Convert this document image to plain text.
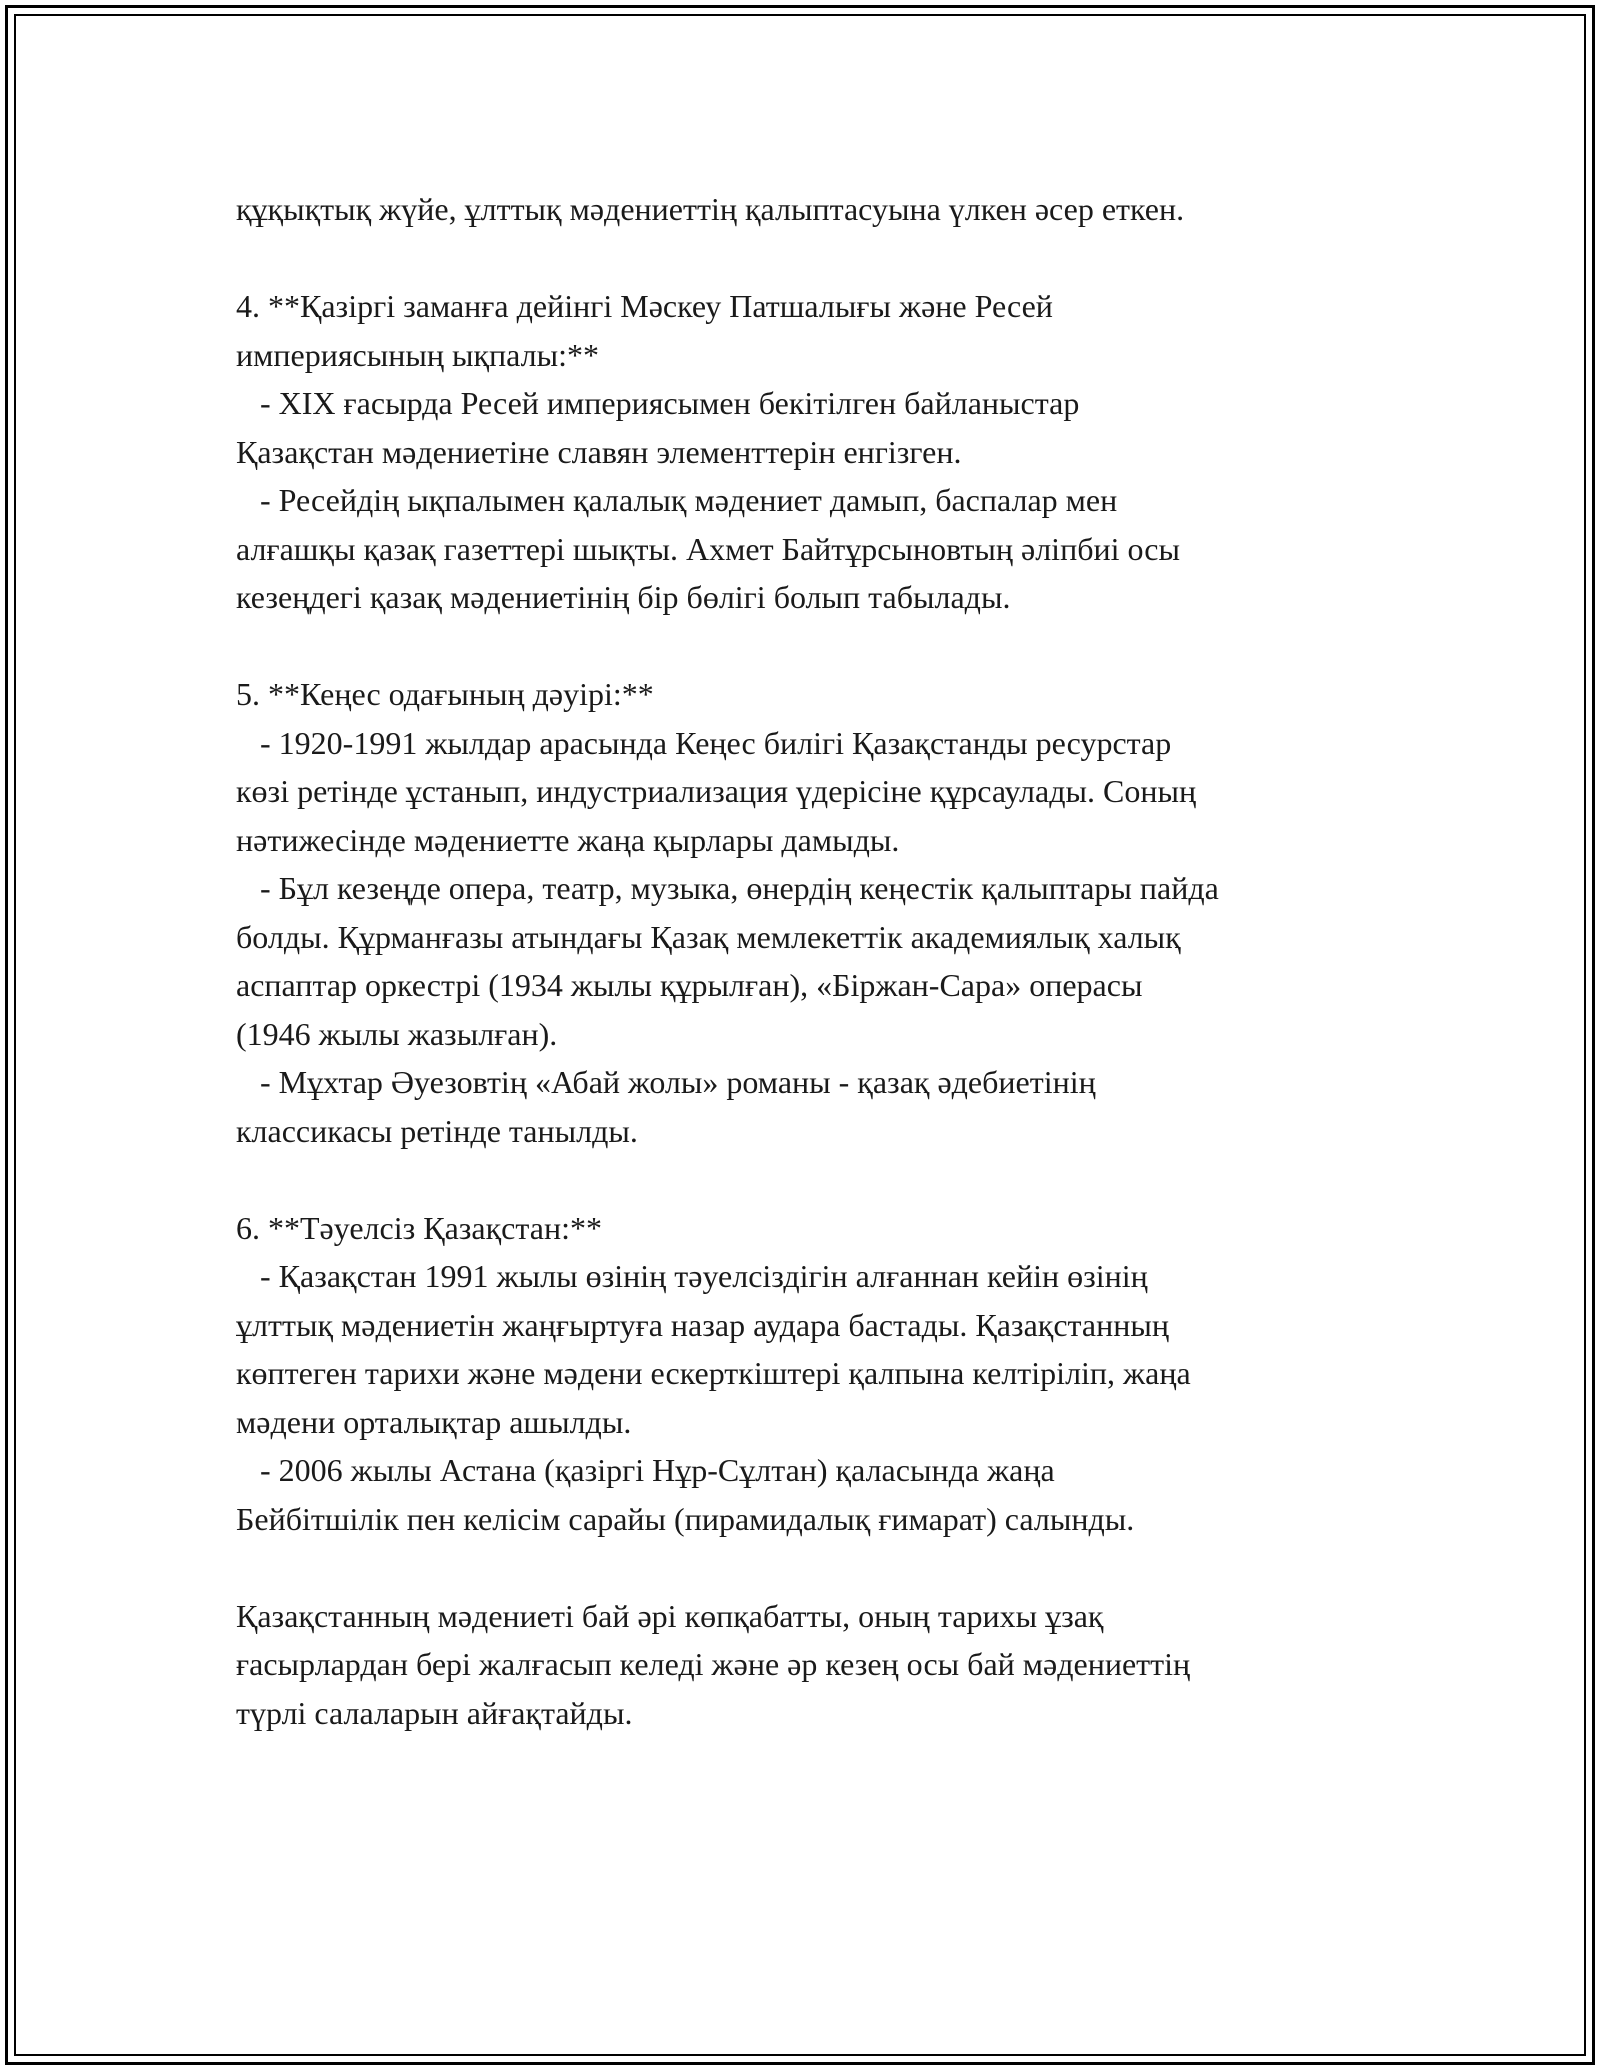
құқықтық жүйе, ұлттық мәдениеттің қалыптасуына үлкен әсер еткен.
4. **Қазіргі заманға дейінгі Мәскеу Патшалығы және Ресей
империясының ықпалы:**
- XIX ғасырда Ресей империясымен бекітілген байланыстар
Қазақстан мәдениетіне славян элементтерін енгізген.
- Ресейдің ықпалымен қалалық мәдениет дамып, баспалар мен
алғашқы қазақ газеттері шықты. Ахмет Байтұрсыновтың әліпбиі осы
кезеңдегі қазақ мәдениетінің бір бөлігі болып табылады.
5. **Кеңес одағының дәуірі:**
- 1920-1991 жылдар арасында Кеңес билігі Қазақстанды ресурстар
көзі ретінде ұстанып, индустриализация үдерісіне құрсаулады. Соның
нәтижесінде мәдениетте жаңа қырлары дамыды.
- Бұл кезеңде опера, театр, музыка, өнердің кеңестік қалыптары пайда
болды. Құрманғазы атындағы Қазақ мемлекеттік академиялық халық
аспаптар оркестрі (1934 жылы құрылған), «Біржан-Сара» операсы
(1946 жылы жазылған).
- Мұхтар Әуезовтің «Абай жолы» романы - қазақ әдебиетінің
классикасы ретінде танылды.
6. **Тәуелсіз Қазақстан:**
- Қазақстан 1991 жылы өзінің тәуелсіздігін алғаннан кейін өзінің
ұлттық мәдениетін жаңғыртуға назар аудара бастады. Қазақстанның
көптеген тарихи және мәдени ескерткіштері қалпына келтіріліп, жаңа
мәдени орталықтар ашылды.
- 2006 жылы Астана (қазіргі Нұр-Сұлтан) қаласында жаңа
Бейбітшілік пен келісім сарайы (пирамидалық ғимарат) салынды.
Қазақстанның мәдениеті бай әрі көпқабатты, оның тарихы ұзақ
ғасырлардан бері жалғасып келеді және әр кезең осы бай мәдениеттің
түрлі салаларын айғақтайды.
